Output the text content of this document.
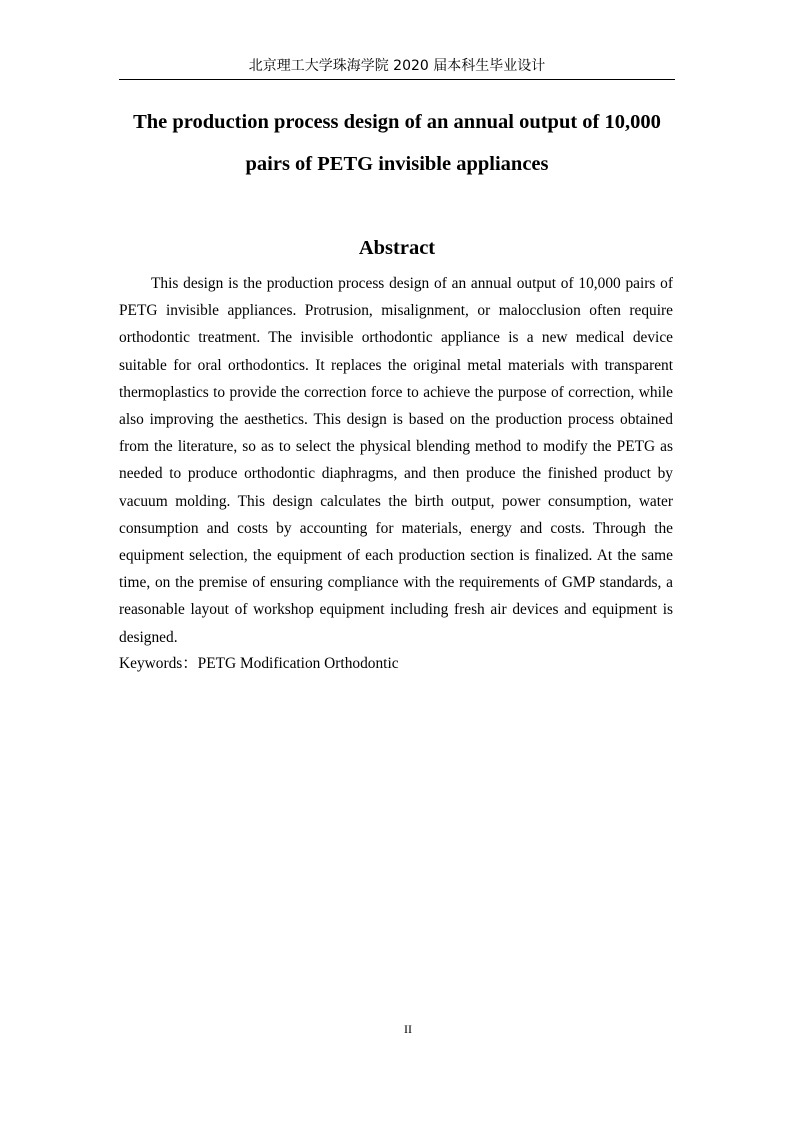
北京理工大学珠海学院 2020 届本科生毕业设计
The production process design of an annual output of 10,000 pairs of PETG invisible appliances
Abstract

This design is the production process design of an annual output of 10,000 pairs of PETG invisible appliances. Protrusion, misalignment, or malocclusion often require orthodontic treatment. The invisible orthodontic appliance is a new medical device suitable for oral orthodontics. It replaces the original metal materials with transparent thermoplastics to provide the correction force to achieve the purpose of correction, while also improving the aesthetics. This design is based on the production process obtained from the literature, so as to select the physical blending method to modify the PETG as needed to produce orthodontic diaphragms, and then produce the finished product by vacuum molding. This design calculates the birth output, power consumption, water consumption and costs by accounting for materials, energy and costs. Through the equipment selection, the equipment of each production section is finalized. At the same time, on the premise of ensuring compliance with the requirements of GMP standards, a reasonable layout of workshop equipment including fresh air devices and equipment is designed.

Keywords：PETG Modification Orthodontic
II
